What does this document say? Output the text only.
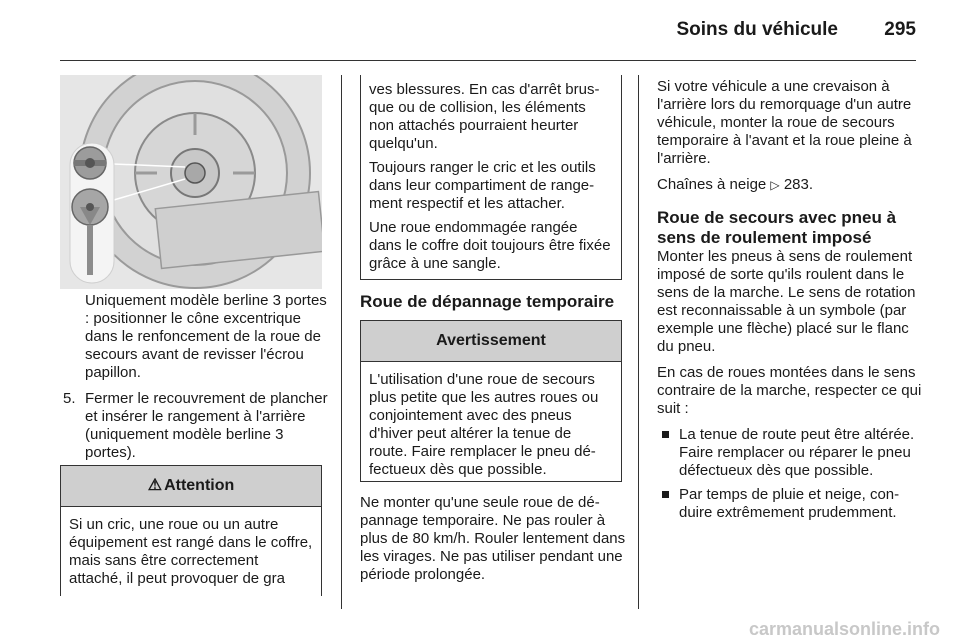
Soins du véhicule 295

Uniquement modèle berline 3 portes : positionner le cône excentrique dans le renfoncement de la roue de secours avant de revisser l'écrou papillon.

5. Fermer le recouvrement de plancher et insérer le rangement à l'arrière (uniquement modèle berline 3 portes).
⚠ Attention

Si un cric, une roue ou un autre équipement est rangé dans le coffre, mais sans être correctement attaché, il peut provoquer de gra

ves blessures. En cas d'arrêt brusque ou de collision, les éléments non attachés pourraient heurter quelqu'un.

Toujours ranger le cric et les outils dans leur compartiment de rangement respectif et les attacher.

Une roue endommagée rangée dans le coffre doit toujours être fixée grâce à une sangle.

Roue de dépannage temporaire
Avertissement

L'utilisation d'une roue de secours plus petite que les autres roues ou conjointement avec des pneus d'hiver peut altérer la tenue de route. Faire remplacer le pneu défectueux dès que possible.

Ne monter qu'une seule roue de dépannage temporaire. Ne pas rouler à plus de 80 km/h. Rouler lentement dans les virages. Ne pas utiliser pendant une période prolongée.

Si votre véhicule a une crevaison à l'arrière lors du remorquage d'un autre véhicule, monter la roue de secours temporaire à l'avant et la roue pleine à l'arrière.

Chaînes à neige ▷ 283.

Roue de secours avec pneu à sens de roulement imposé

Monter les pneus à sens de roulement imposé de sorte qu'ils roulent dans le sens de la marche. Le sens de rotation est reconnaissable à un symbole (par exemple une flèche) placé sur le flanc du pneu.

En cas de roues montées dans le sens contraire de la marche, respecter ce qui suit :

La tenue de route peut être altérée. Faire remplacer ou réparer le pneu défectueux dès que possible.
Par temps de pluie et neige, conduire extrêmement prudemment.
carmanualsonline.info
